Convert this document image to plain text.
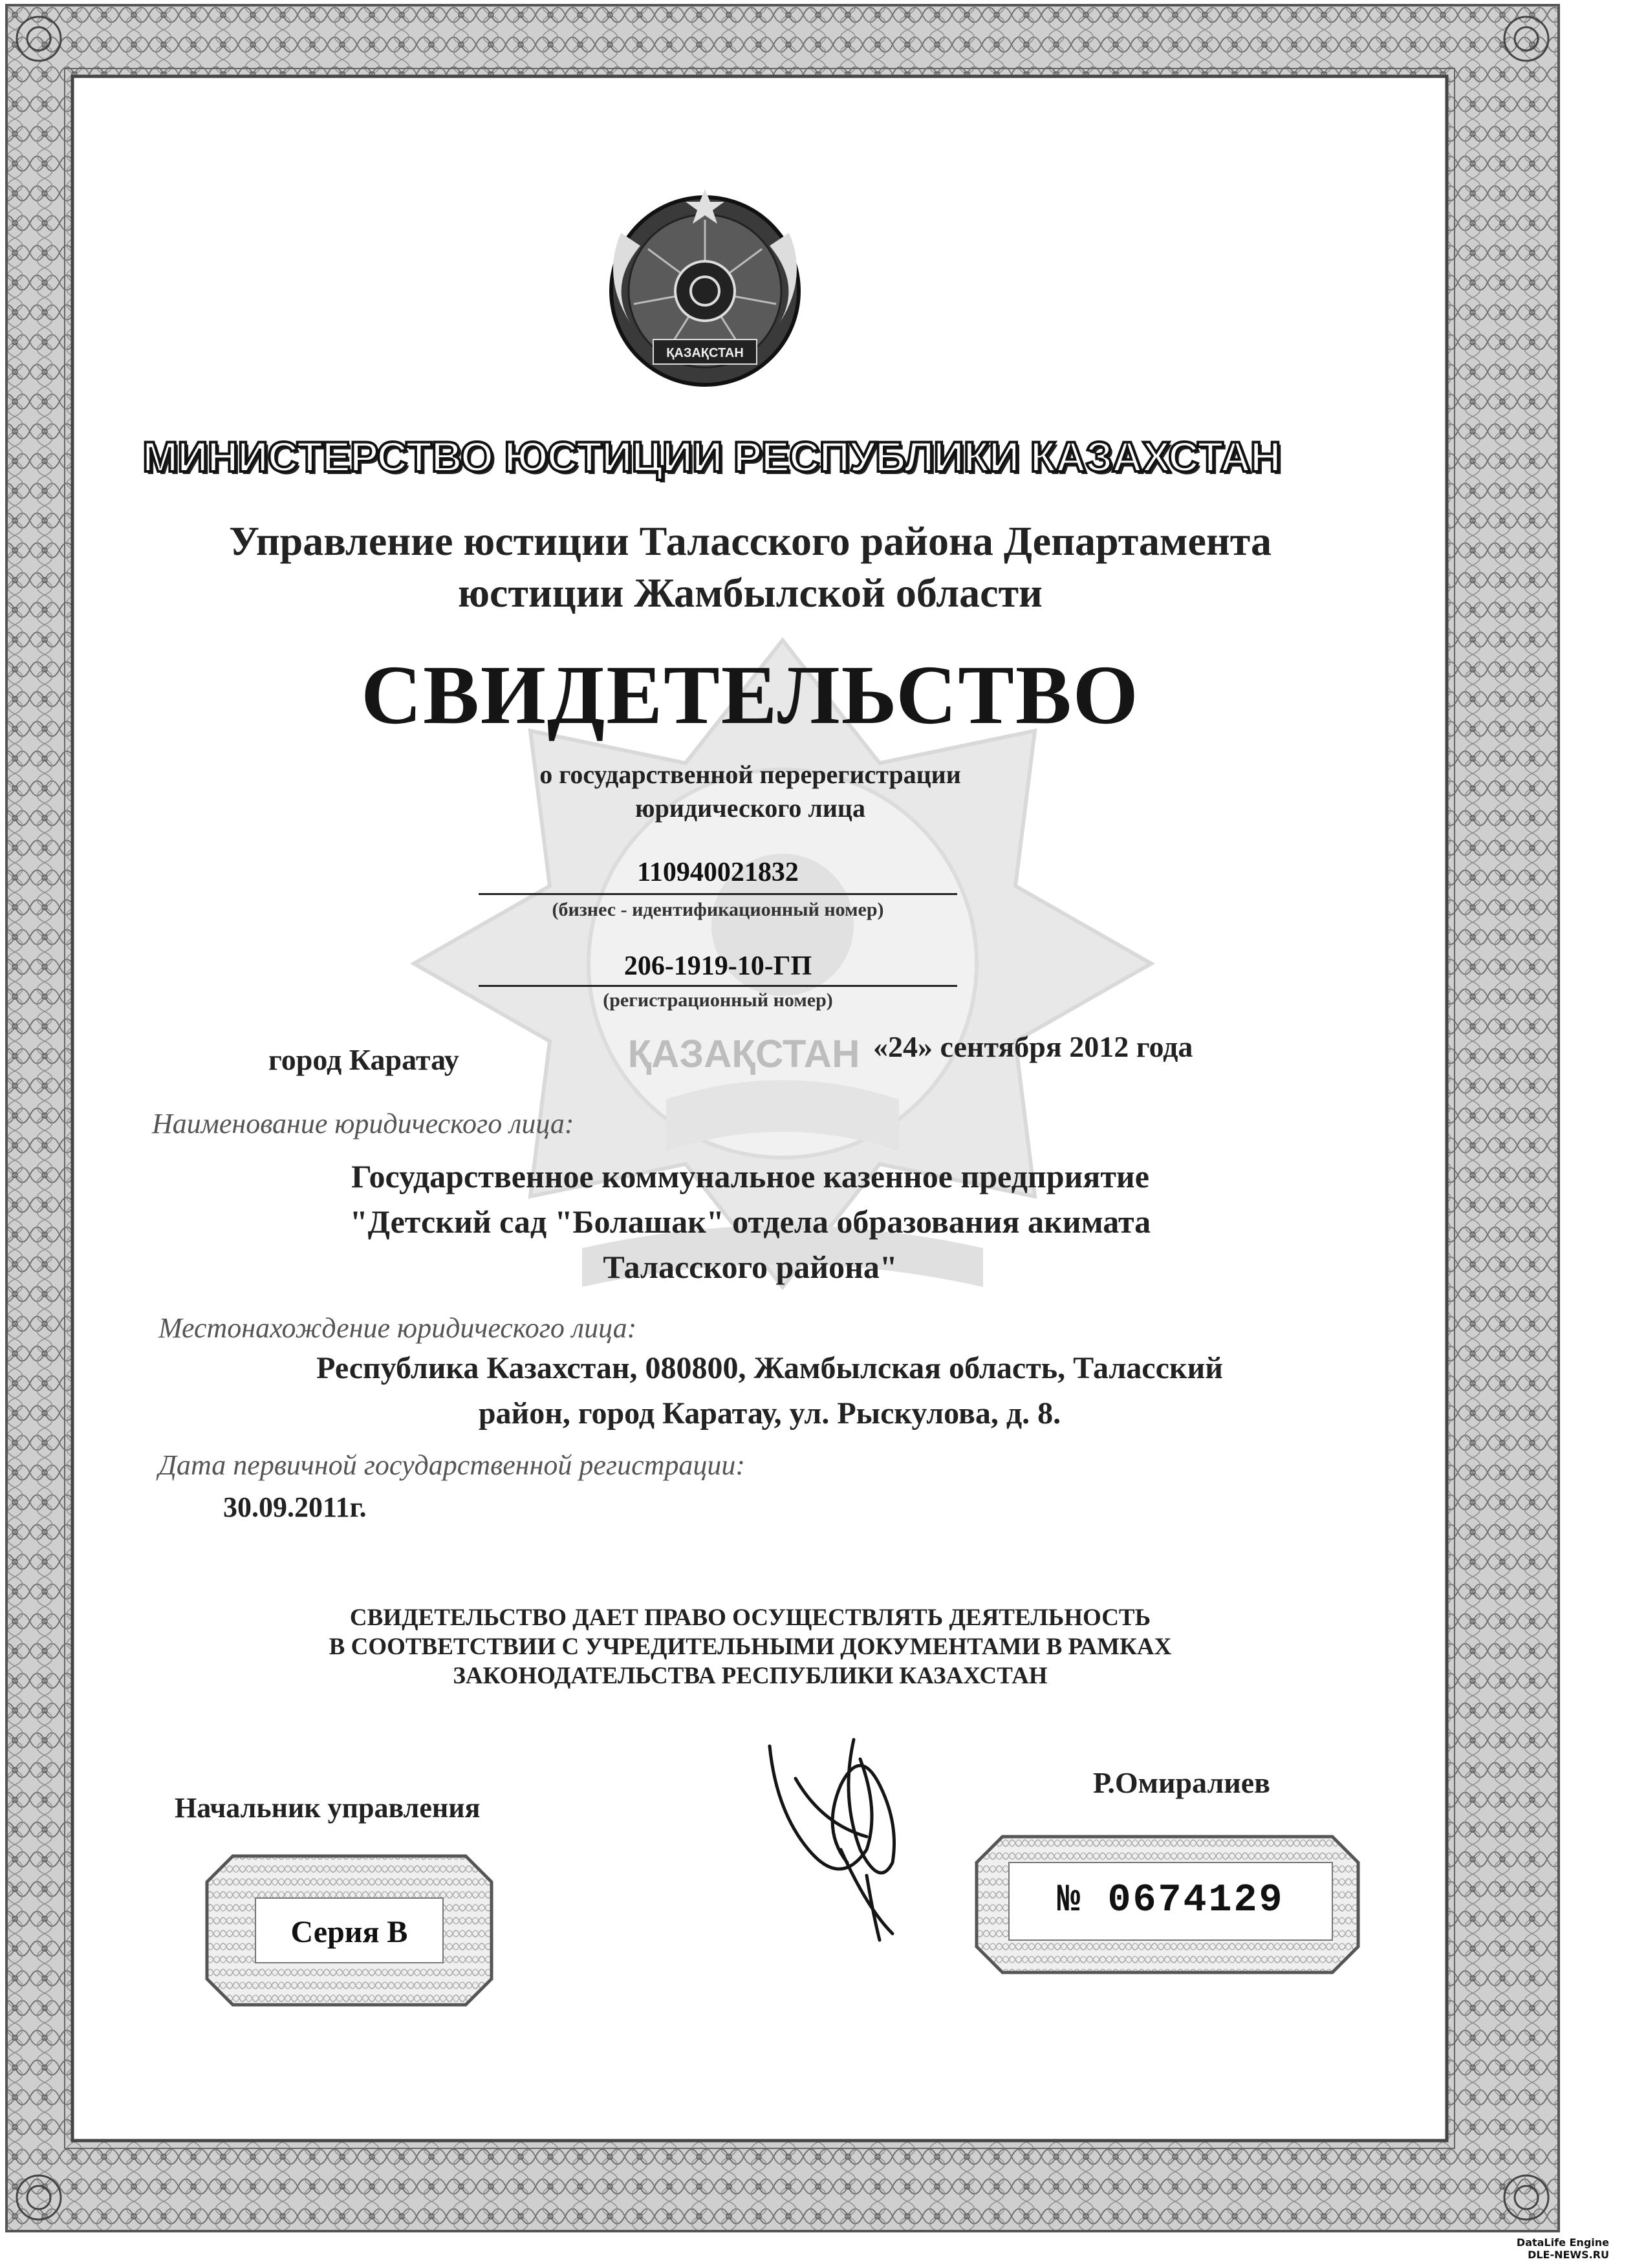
ҚАЗАҚСТАН
ҚАЗАҚСТАН
МИНИСТЕРСТВО ЮСТИЦИИ РЕСПУБЛИКИ КАЗАХСТАН
Управление юстиции Таласского района Департамента
юстиции Жамбылской области
СВИДЕТЕЛЬСТВО
о государственной перерегистрации
юридического лица
110940021832
(бизнес - идентификационный номер)
206-1919-10-ГП
(регистрационный номер)
город Каратау	«24» сентября 2012 года
Наименование юридического лица:
Государственное коммунальное казенное предприятие
"Детский сад "Болашак" отдела образования акимата
Таласского района"
Местонахождение юридического лица:
Республика Казахстан, 080800, Жамбылская область, Таласский
район, город Каратау, ул. Рыскулова, д. 8.
Дата первичной государственной регистрации:
30.09.2011г.
СВИДЕТЕЛЬСТВО ДАЕТ ПРАВО ОСУЩЕСТВЛЯТЬ ДЕЯТЕЛЬНОСТЬ
В СООТВЕТСТВИИ С УЧРЕДИТЕЛЬНЫМИ ДОКУМЕНТАМИ В РАМКАХ
ЗАКОНОДАТЕЛЬСТВА РЕСПУБЛИКИ КАЗАХСТАН
Начальник управления
Р.Омиралиев
Серия В
№ 0674129
DataLife Engine
DLE-NEWS.RU
